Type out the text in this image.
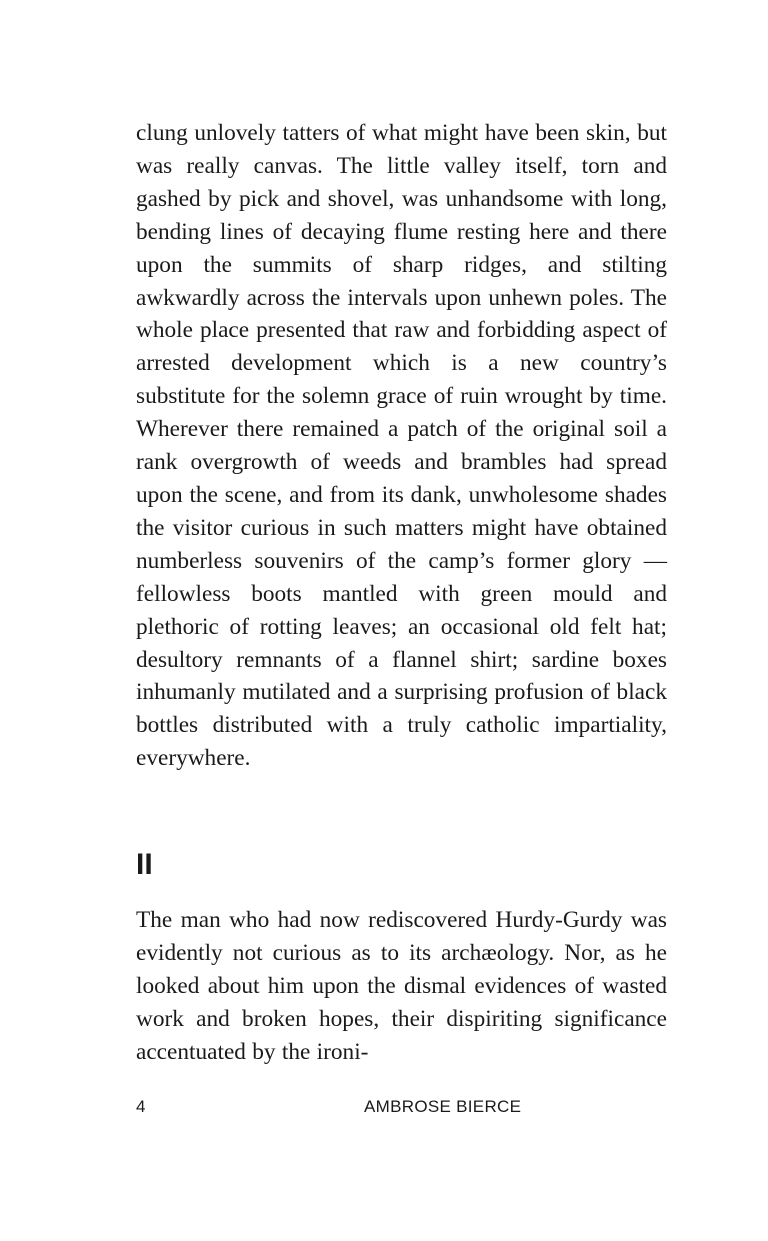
clung unlovely tatters of what might have been skin, but was really canvas. The little valley itself, torn and gashed by pick and shovel, was unhandsome with long, bending lines of decaying flume resting here and there upon the summits of sharp ridges, and stilting awkwardly across the intervals upon unhewn poles. The whole place presented that raw and forbidding aspect of arrested development which is a new country’s substitute for the solemn grace of ruin wrought by time. Wherever there remained a patch of the original soil a rank overgrowth of weeds and brambles had spread upon the scene, and from its dank, unwholesome shades the visitor curious in such matters might have obtained numberless souvenirs of the camp’s former glory — fellowless boots mantled with green mould and plethoric of rotting leaves; an occasional old felt hat; desultory remnants of a flannel shirt; sardine boxes inhumanly mutilated and a surprising profusion of black bottles distributed with a truly catholic impartiality, everywhere.

II

The man who had now rediscovered Hurdy-Gurdy was evidently not curious as to its archæology. Nor, as he looked about him upon the dismal evidences of wasted work and broken hopes, their dispiriting significance accentuated by the ironi-

4	AMBROSE BIERCE
